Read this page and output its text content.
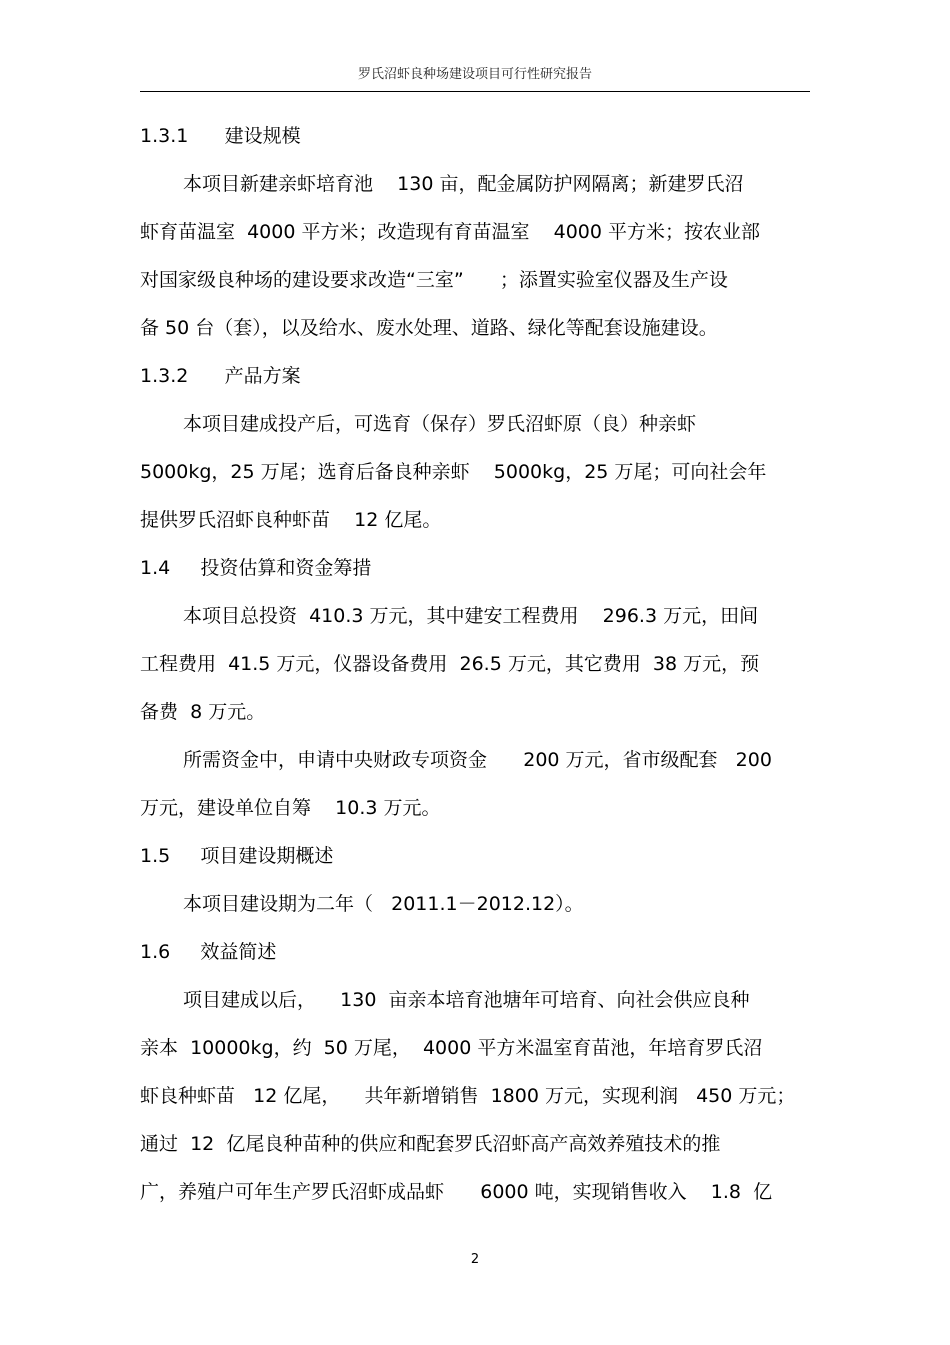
罗氏沼虾良种场建设项目可行性研究报告
1.3.1      建设规模
本项目新建亲虾培育池    130 亩，配金属防护网隔离；新建罗氏沼
虾育苗温室  4000 平方米；改造现有育苗温室    4000 平方米；按农业部
对国家级良种场的建设要求改造“三室”      ；添置实验室仪器及生产设
备 50 台（套），以及给水、废水处理、道路、绿化等配套设施建设。
1.3.2      产品方案
本项目建成投产后，可选育（保存）罗氏沼虾原（良）种亲虾
5000kg，25 万尾；选育后备良种亲虾    5000kg，25 万尾；可向社会年
提供罗氏沼虾良种虾苗    12 亿尾。
1.4     投资估算和资金筹措
本项目总投资  410.3 万元，其中建安工程费用    296.3 万元，田间
工程费用  41.5 万元，仪器设备费用  26.5 万元，其它费用  38 万元，预
备费  8 万元。
所需资金中，申请中央财政专项资金      200 万元，省市级配套   200
万元，建设单位自筹    10.3 万元。
1.5     项目建设期概述
本项目建设期为二年（   2011.1－2012.12）。
1.6     效益简述
项目建成以后，    130  亩亲本培育池塘年可培育、向社会供应良种
亲本  10000kg，约  50 万尾，  4000 平方米温室育苗池，年培育罗氏沼
虾良种虾苗   12 亿尾，    共年新增销售  1800 万元，实现利润   450 万元；
通过  12  亿尾良种苗种的供应和配套罗氏沼虾高产高效养殖技术的推
广，养殖户可年生产罗氏沼虾成品虾      6000 吨，实现销售收入    1.8  亿
2
